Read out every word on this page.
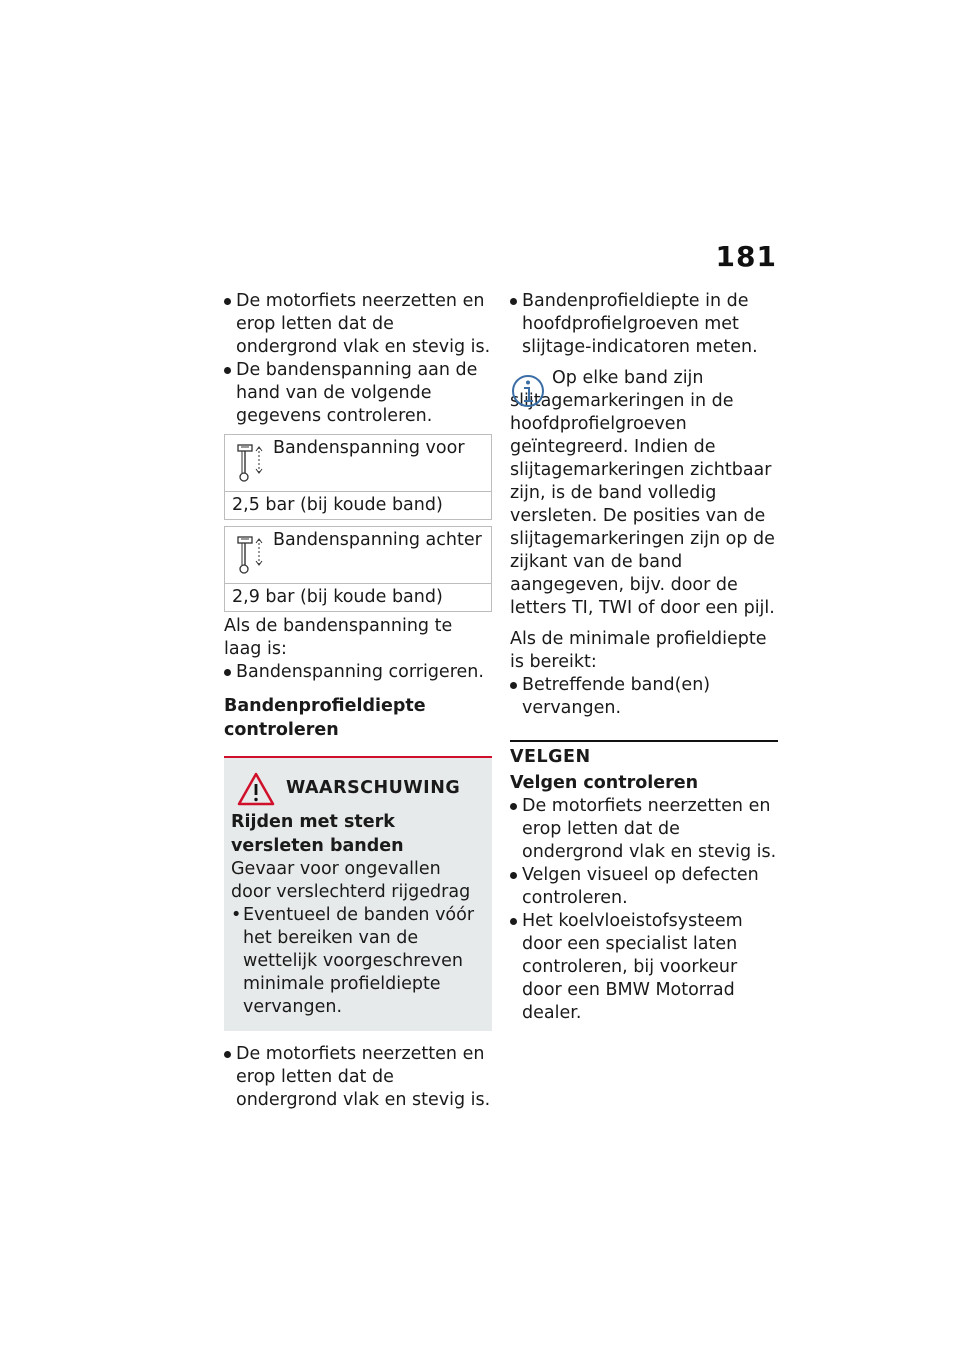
181
De motorfiets neerzetten en erop letten dat de ondergrond vlak en stevig is.
De bandenspanning aan de hand van de volgende gegevens controleren.
Bandenspanning voor
2,5 bar (bij koude band)
Bandenspanning achter
2,9 bar (bij koude band)
Als de bandenspanning te laag is:
Bandenspanning corrigeren.
Bandenprofieldiepte controleren
WAARSCHUWING
Rijden met sterk versleten banden
Gevaar voor ongevallen door verslechterd rijgedrag
• Eventueel de banden vóór het bereiken van de wettelijk voorgeschreven minimale profieldiepte vervangen.
De motorfiets neerzetten en erop letten dat de ondergrond vlak en stevig is.
Bandenprofieldiepte in de hoofdprofielgroeven met slijtage-indicatoren meten.
Op elke band zijn slijtagemarkeringen in de hoofdprofielgroeven geïntegreerd. Indien de slijtagemarkeringen zichtbaar zijn, is de band volledig versleten. De posities van de slijtagemarkeringen zijn op de zijkant van de band aangegeven, bijv. door de letters TI, TWI of door een pijl.
Als de minimale profieldiepte is bereikt:
Betreffende band(en) vervangen.
VELGEN
Velgen controleren
De motorfiets neerzetten en erop letten dat de ondergrond vlak en stevig is.
Velgen visueel op defecten controleren.
Het koelvloeistofsysteem door een specialist laten controleren, bij voorkeur door een BMW Motorrad dealer.
